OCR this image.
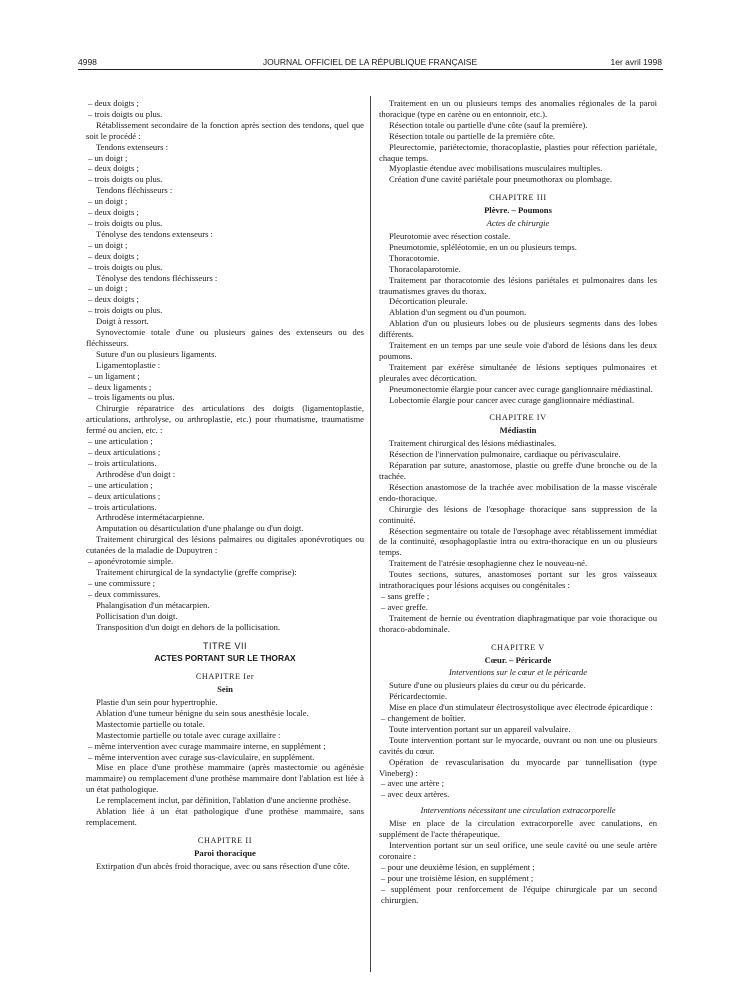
4998	JOURNAL OFFICIEL DE LA RÉPUBLIQUE FRANÇAISE	1er avril 1998

– deux doigts ;

– trois doigts ou plus.

Rétablissement secondaire de la fonction après section des tendons, quel que soit le procédé :

Tendons extenseurs :

– un doigt ;

– deux doigts ;

– trois doigts ou plus.

Tendons fléchisseurs :

– un doigt ;

– deux doigts ;

– trois doigts ou plus.

Ténolyse des tendons extenseurs :

– un doigt ;

– deux doigts ;

– trois doigts ou plus.

Ténolyse des tendons fléchisseurs :

– un doigt ;

– deux doigts ;

– trois doigts ou plus.

Doigt à ressort.

Synovectomie totale d'une ou plusieurs gaines des extenseurs ou des fléchisseurs.

Suture d'un ou plusieurs ligaments.

Ligamentoplastie :

– un ligament ;

– deux ligaments ;

– trois ligaments ou plus.

Chirurgie réparatrice des articulations des doigts (ligamentoplastie, articulations, arthrolyse, ou arthroplastie, etc.) pour rhumatisme, traumatisme fermé ou ancien, etc. :

– une articulation ;

– deux articulations ;

– trois articulations.

Arthrodèse d'un doigt :

– une articulation ;

– deux articulations ;

– trois articulations.

Arthrodèse intermétacarpienne.

Amputation ou désarticulation d'une phalange ou d'un doigt.

Traitement chirurgical des lésions palmaires ou digitales aponévrotiques ou cutanées de la maladie de Dupuytren :

– aponévrotomie simple.

Traitement chirurgical de la syndactylie (greffe comprise):

– une commissure ;

– deux commissures.

Phalangisation d'un métacarpien.

Pollicisation d'un doigt.

Transposition d'un doigt en dehors de la pollicisation.

TITRE VII
ACTES PORTANT SUR LE THORAX
CHAPITRE Ier
Sein

Plastie d'un sein pour hypertrophie.

Ablation d'une tumeur bénigne du sein sous anesthésie locale.

Mastectomie partielle ou totale.

Mastectomie partielle ou totale avec curage axillaire :

– même intervention avec curage mammaire interne, en supplément ;

– même intervention avec curage sus-claviculaire, en supplément.

Mise en place d'une prothèse mammaire (après mastectomie ou agénésie mammaire) ou remplacement d'une prothèse mammaire dont l'ablation est liée à un état pathologique.

Le remplacement inclut, par définition, l'ablation d'une ancienne prothèse.

Ablation liée à un état pathologique d'une prothèse mammaire, sans remplacement.

CHAPITRE II
Paroi thoracique

Extirpation d'un abcès froid thoracique, avec ou sans résection d'une côte.

Traitement en un ou plusieurs temps des anomalies régionales de la paroi thoracique (type en carène ou en entonnoir, etc.).

Résection totale ou partielle d'une côte (sauf la première).

Résection totale ou partielle de la première côte.

Pleurectomie, pariétectomie, thoracoplastie, plasties pour réfection pariétale, chaque temps.

Myoplastie étendue avec mobilisations musculaires multiples.

Création d'une cavité pariétale pour pneumothorax ou plombage.

CHAPITRE III
Plèvre. – Poumons
Actes de chirurgie

Pleurotomie avec résection costale.

Pneumotomie, spléléotomie, en un ou plusieurs temps.

Thoracotomie.

Thoracolaparotomie.

Traitement par thoracotomie des lésions pariétales et pulmonaires dans les traumatismes graves du thorax.

Décortication pleurale.

Ablation d'un segment ou d'un poumon.

Ablation d'un ou plusieurs lobes ou de plusieurs segments dans des lobes différents.

Traitement en un temps par une seule voie d'abord de lésions dans les deux poumons.

Traitement par exérèse simultanée de lésions septiques pulmonaires et pleurales avec décortication.

Pneumonectomie élargie pour cancer avec curage ganglionnaire médiastinal.

Lobectomie élargie pour cancer avec curage ganglionnaire médiastinal.

CHAPITRE IV
Médiastin

Traitement chirurgical des lésions médiastinales.

Résection de l'innervation pulmonaire, cardiaque ou périvasculaire.

Réparation par suture, anastomose, plastie ou greffe d'une bronche ou de la trachée.

Résection anastomose de la trachée avec mobilisation de la masse viscérale endo-thoracique.

Chirurgie des lésions de l'œsophage thoracique sans suppression de la continuité.

Résection segmentaire ou totale de l'œsophage avec rétablissement immédiat de la continuité, œsophagoplastie intra ou extra-thoracique en un ou plusieurs temps.

Traitement de l'atrésie œsophagienne chez le nouveau-né.

Toutes sections, sutures, anastomoses portant sur les gros vaisseaux intrathoraciques pour lésions acquises ou congénitales :

– sans greffe ;

– avec greffe.

Traitement de hernie ou éventration diaphragmatique par voie thoracique ou thoraco-abdominale.

CHAPITRE V
Cœur. – Péricarde
Interventions sur le cœur et le péricarde

Suture d'une ou plusieurs plaies du cœur ou du péricarde.

Péricardectomie.

Mise en place d'un stimulateur électrosystolique avec électrode épicardique :

– changement de boîtier.

Toute intervention portant sur un appareil valvulaire.

Toute intervention portant sur le myocarde, ouvrant ou non une ou plusieurs cavités du cœur.

Opération de revascularisation du myocarde par tunnellisation (type Vineberg) :

– avec une artère ;

– avec deux artères.

Interventions nécessitant une circulation extracorporelle

Mise en place de la circulation extracorporelle avec canulations, en supplément de l'acte thérapeutique.

Intervention portant sur un seul orifice, une seule cavité ou une seule artère coronaire :

– pour une deuxième lésion, en supplément ;

– pour une troisième lésion, en supplément ;

– supplément pour renforcement de l'équipe chirurgicale par un second chirurgien.
